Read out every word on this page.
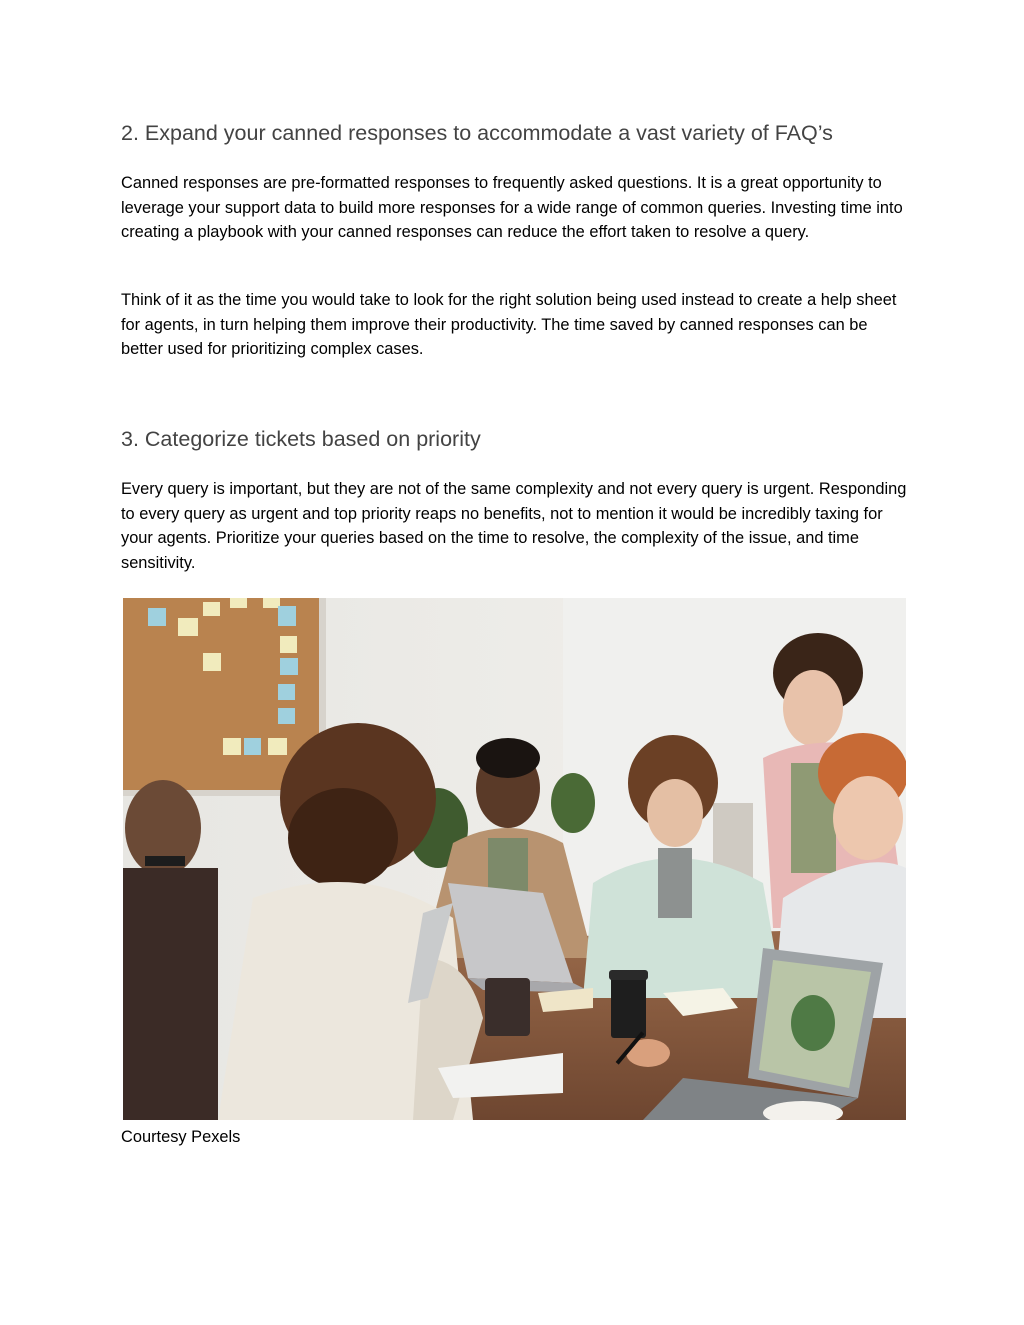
2. Expand your canned responses to accommodate a vast variety of FAQ’s

Canned responses are pre-formatted responses to frequently asked questions. It is a great opportunity to leverage your support data to build more responses for a wide range of common queries. Investing time into creating a playbook with your canned responses can reduce the effort taken to resolve a query.

Think of it as the time you would take to look for the right solution being used instead to create a help sheet for agents, in turn helping them improve their productivity. The time saved by canned responses can be better used for prioritizing complex cases.

3. Categorize tickets based on priority

Every query is important, but they are not of the same complexity and not every query is urgent. Responding to every query as urgent and top priority reaps no benefits, not to mention it would be incredibly taxing for your agents. Prioritize your queries based on the time to resolve, the complexity of the issue, and time sensitivity.

Courtesy Pexels
